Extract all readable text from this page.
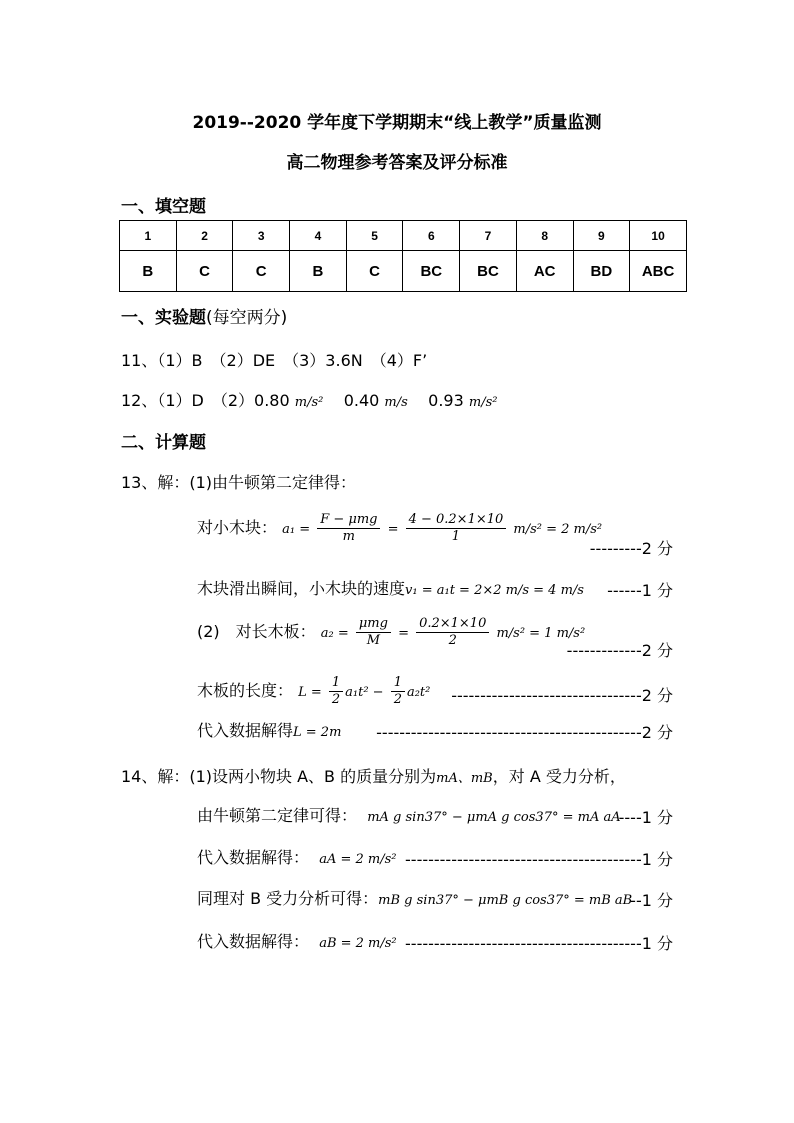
2019--2020 学年度下学期期末“线上教学”质量监测
高二物理参考答案及评分标准
一、填空题
1	2	3	4	5	6	7	8	9	10
B	C	C	B	C	BC	BC	AC	BD	ABC
一、实验题(每空两分)
11、（1）B　（2）DE　（3）3.6N　（4）F’
12、（1）D　（2）0.80 m/s² 0.40 m/s 0.93 m/s²
二、计算题
13、解：(1)由牛顿第二定律得：
对小木块： $a_1 = \frac{\text{F − μmg}}{m} = \frac{4 - 0.2\times 1\times 10}{1} m/s^2 = 2$ m/s²
---------2 分
木块滑出瞬间，小木块的速度v₁ = a₁t = 2×2 m/s = 4 m/s ------1 分
(2)　对长木板： $a_2 = \frac{\text{μmg}}{M} = \frac{0.2\times 1\times 10}{2} m/s^2 = 1$ m/s²
-------------2 分
木板的长度： $L = \frac{1}{2} a_1t^2 - \frac{1}{2} a_2t^2$ ---------------------------------2 分
代入数据解得L = 2m ----------------------------------------------2 分
14、解：(1)设两小物块 A、B 的质量分别为mA、mB，对 A 受力分析，
由牛顿第二定律可得： mA g sin37° − μmA g cos37° = mA aA
----1 分
代入数据解得： aA = 2 m/s² -----------------------------------------1 分
同理对 B 受力分析可得：mB g sin37° − μmB g cos37° = mB aB
--1 分
代入数据解得： aB = 2 m/s² -----------------------------------------1 分
